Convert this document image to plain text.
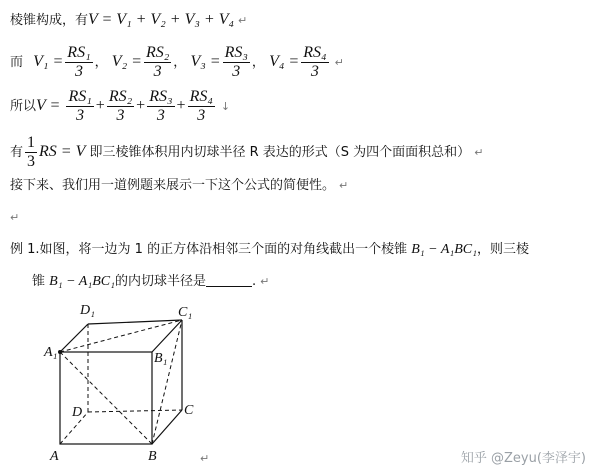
棱锥构成，有V = V₁ + V₂ + V₃ + V₄ ↵
而 $V_1 = \frac{\text{RS₁}}{3}$ ， $V_2 = \frac{\text{RS₂}}{3}$ ， $V_3 = \frac{\text{RS₃}}{3}$ ， $V_4 = \frac{\text{RS₄}}{3}$ ↵
所以$V = \frac{\text{RS₁}}{3} + \frac{\text{RS₂}}{3} + \frac{\text{RS₃}}{3} + \frac{\text{RS₄}}{3}$ ↓
有 $\frac{1}{3}$ RS = V 即三棱锥体积用内切球半径 R 表达的形式（S 为四个面面积总和） ↵
接下来、我们用一道例题来展示一下这个公式的简便性。 ↵
↵
例 1.如图，将一边为 1 的正方体沿相邻三个面的对角线截出一个棱锥 B₁ − A₁BC₁，则三棱
锥 B₁ − A₁BC₁的内切球半径是	. ↵
D₁	C₁
A₁	B₁
D	C
A	B	↵	知乎 @Zeyu(李泽宇)
